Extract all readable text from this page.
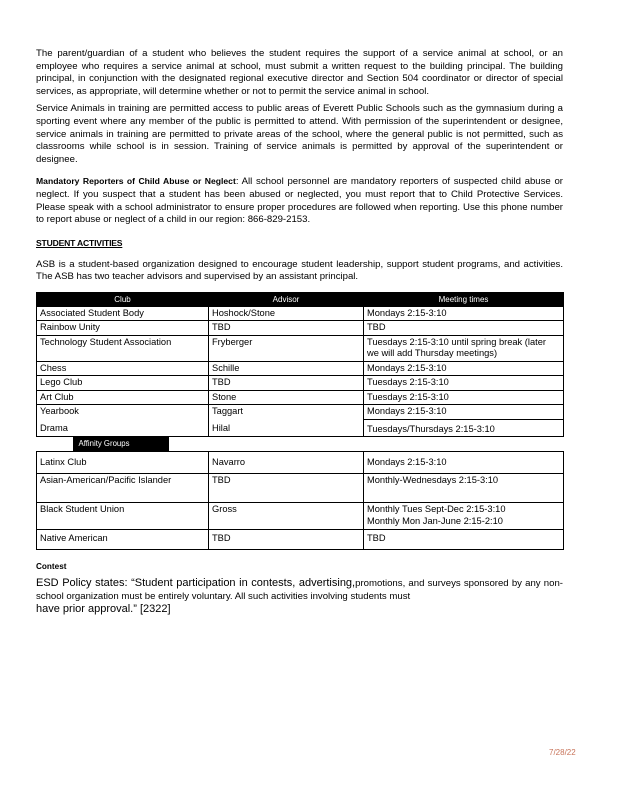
The parent/guardian of a student who believes the student requires the support of a service animal at school, or an employee who requires a service animal at school, must submit a written request to the building principal. The building principal, in conjunction with the designated regional executive director and Section 504 coordinator or director of special services, as appropriate, will determine whether or not to permit the service animal in school.

Service Animals in training are permitted access to public areas of Everett Public Schools such as the gymnasium during a sporting event where any member of the public is permitted to attend. With permission of the superintendent or designee, service animals in training are permitted to private areas of the school, where the general public is not permitted, such as classrooms while school is in session. Training of service animals is permitted by approval of the superintendent or designee.

Mandatory Reporters of Child Abuse or Neglect: All school personnel are mandatory reporters of suspected child abuse or neglect. If you suspect that a student has been abused or neglected, you must report that to Child Protective Services. Please speak with a school administrator to ensure proper procedures are followed when reporting. Use this phone number to report abuse or neglect of a child in our region: 866-829-2153.

STUDENT ACTIVITIES

ASB is a student-based organization designed to encourage student leadership, support student programs, and activities. The ASB has two teacher advisors and supervised by an assistant principal.

Club	Advisor	Meeting times
Associated Student Body	Hoshock/Stone	Mondays 2:15-3:10
Rainbow Unity	TBD	TBD
Technology Student Association	Fryberger	Tuesdays 2:15-3:10 until spring break (later we will add Thursday meetings)
Chess	Schille	Mondays 2:15-3:10
Lego Club	TBD	Tuesdays 2:15-3:10
Art Club	Stone	Tuesdays 2:15-3:10
Yearbook	Taggart	Mondays 2:15-3:10
Drama	Hilal	Tuesdays/Thursdays 2:15-3:10
Affinity Groups		
Latinx Club	Navarro	Mondays 2:15-3:10
Asian-American/Pacific Islander	TBD	Monthly-Wednesdays 2:15-3:10
Black Student Union	Gross	Monthly Tues Sept-Dec 2:15-3:10
Monthly Mon Jan-June 2:15-2:10

Native American	TBD	TBD
Contest

ESD Policy states: “Student participation in contests, advertising,promotions, and surveys sponsored by any non-school organization must be entirely voluntary. All such activities involving students must
have prior approval.” [2322]

7/28/22
